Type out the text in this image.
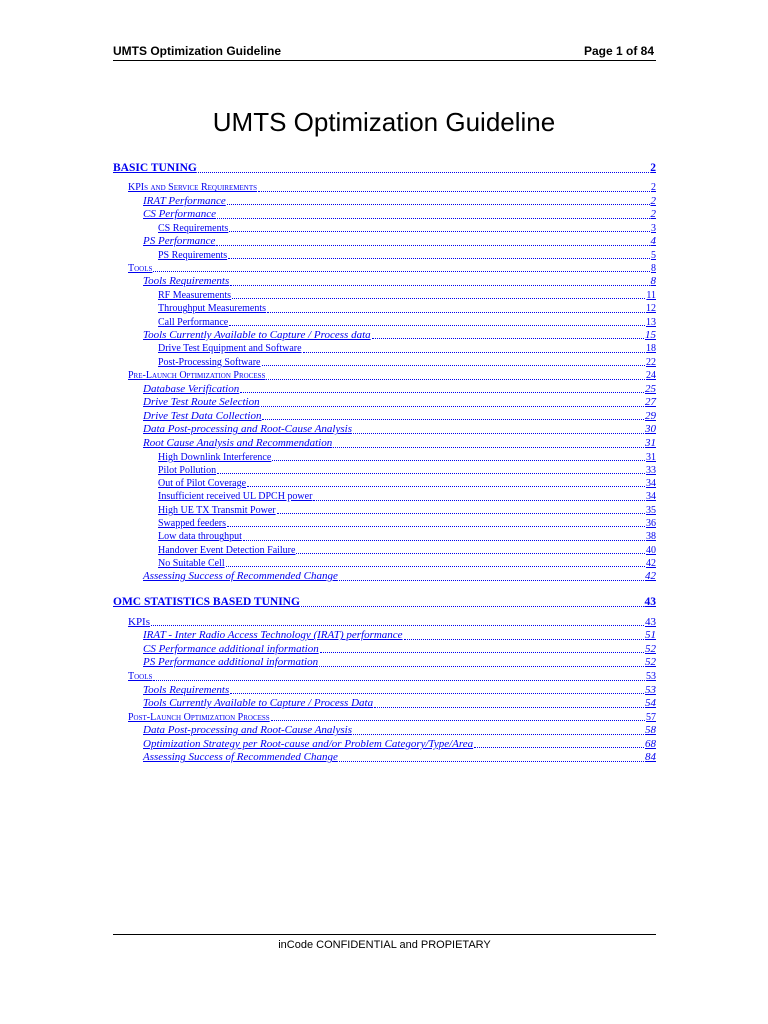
UMTS Optimization Guideline	Page 1 of 84
UMTS Optimization Guideline
BASIC TUNING	2
KPIs and Service Requirements	2
IRAT Performance	2
CS Performance	2
CS Requirements	3
PS Performance	4
PS Requirements	5
Tools	8
Tools Requirements	8
RF Measurements	11
Throughput Measurements	12
Call Performance	13
Tools Currently Available to Capture / Process data	15
Drive Test Equipment and Software	18
Post-Processing Software	22
Pre-Launch Optimization Process	24
Database Verification	25
Drive Test Route Selection	27
Drive Test Data Collection	29
Data Post-processing and Root-Cause Analysis	30
Root Cause Analysis and Recommendation	31
High Downlink Interference	31
Pilot Pollution	33
Out of Pilot Coverage	34
Insufficient received UL DPCH power	34
High UE TX Transmit Power	35
Swapped feeders	36
Low data throughput	38
Handover Event Detection Failure	40
No Suitable Cell	42
Assessing Success of Recommended Change	42
OMC STATISTICS BASED TUNING	43
KPIs	43
IRAT - Inter Radio Access Technology (IRAT) performance	51
CS Performance additional information	52
PS Performance additional information	52
Tools	53
Tools Requirements	53
Tools Currently Available to Capture / Process Data	54
Post-Launch Optimization Process	57
Data Post-processing and Root-Cause Analysis	58
Optimization Strategy per Root-cause and/or Problem Category/Type/Area	68
Assessing Success of Recommended Change	84
inCode CONFIDENTIAL and PROPIETARY
